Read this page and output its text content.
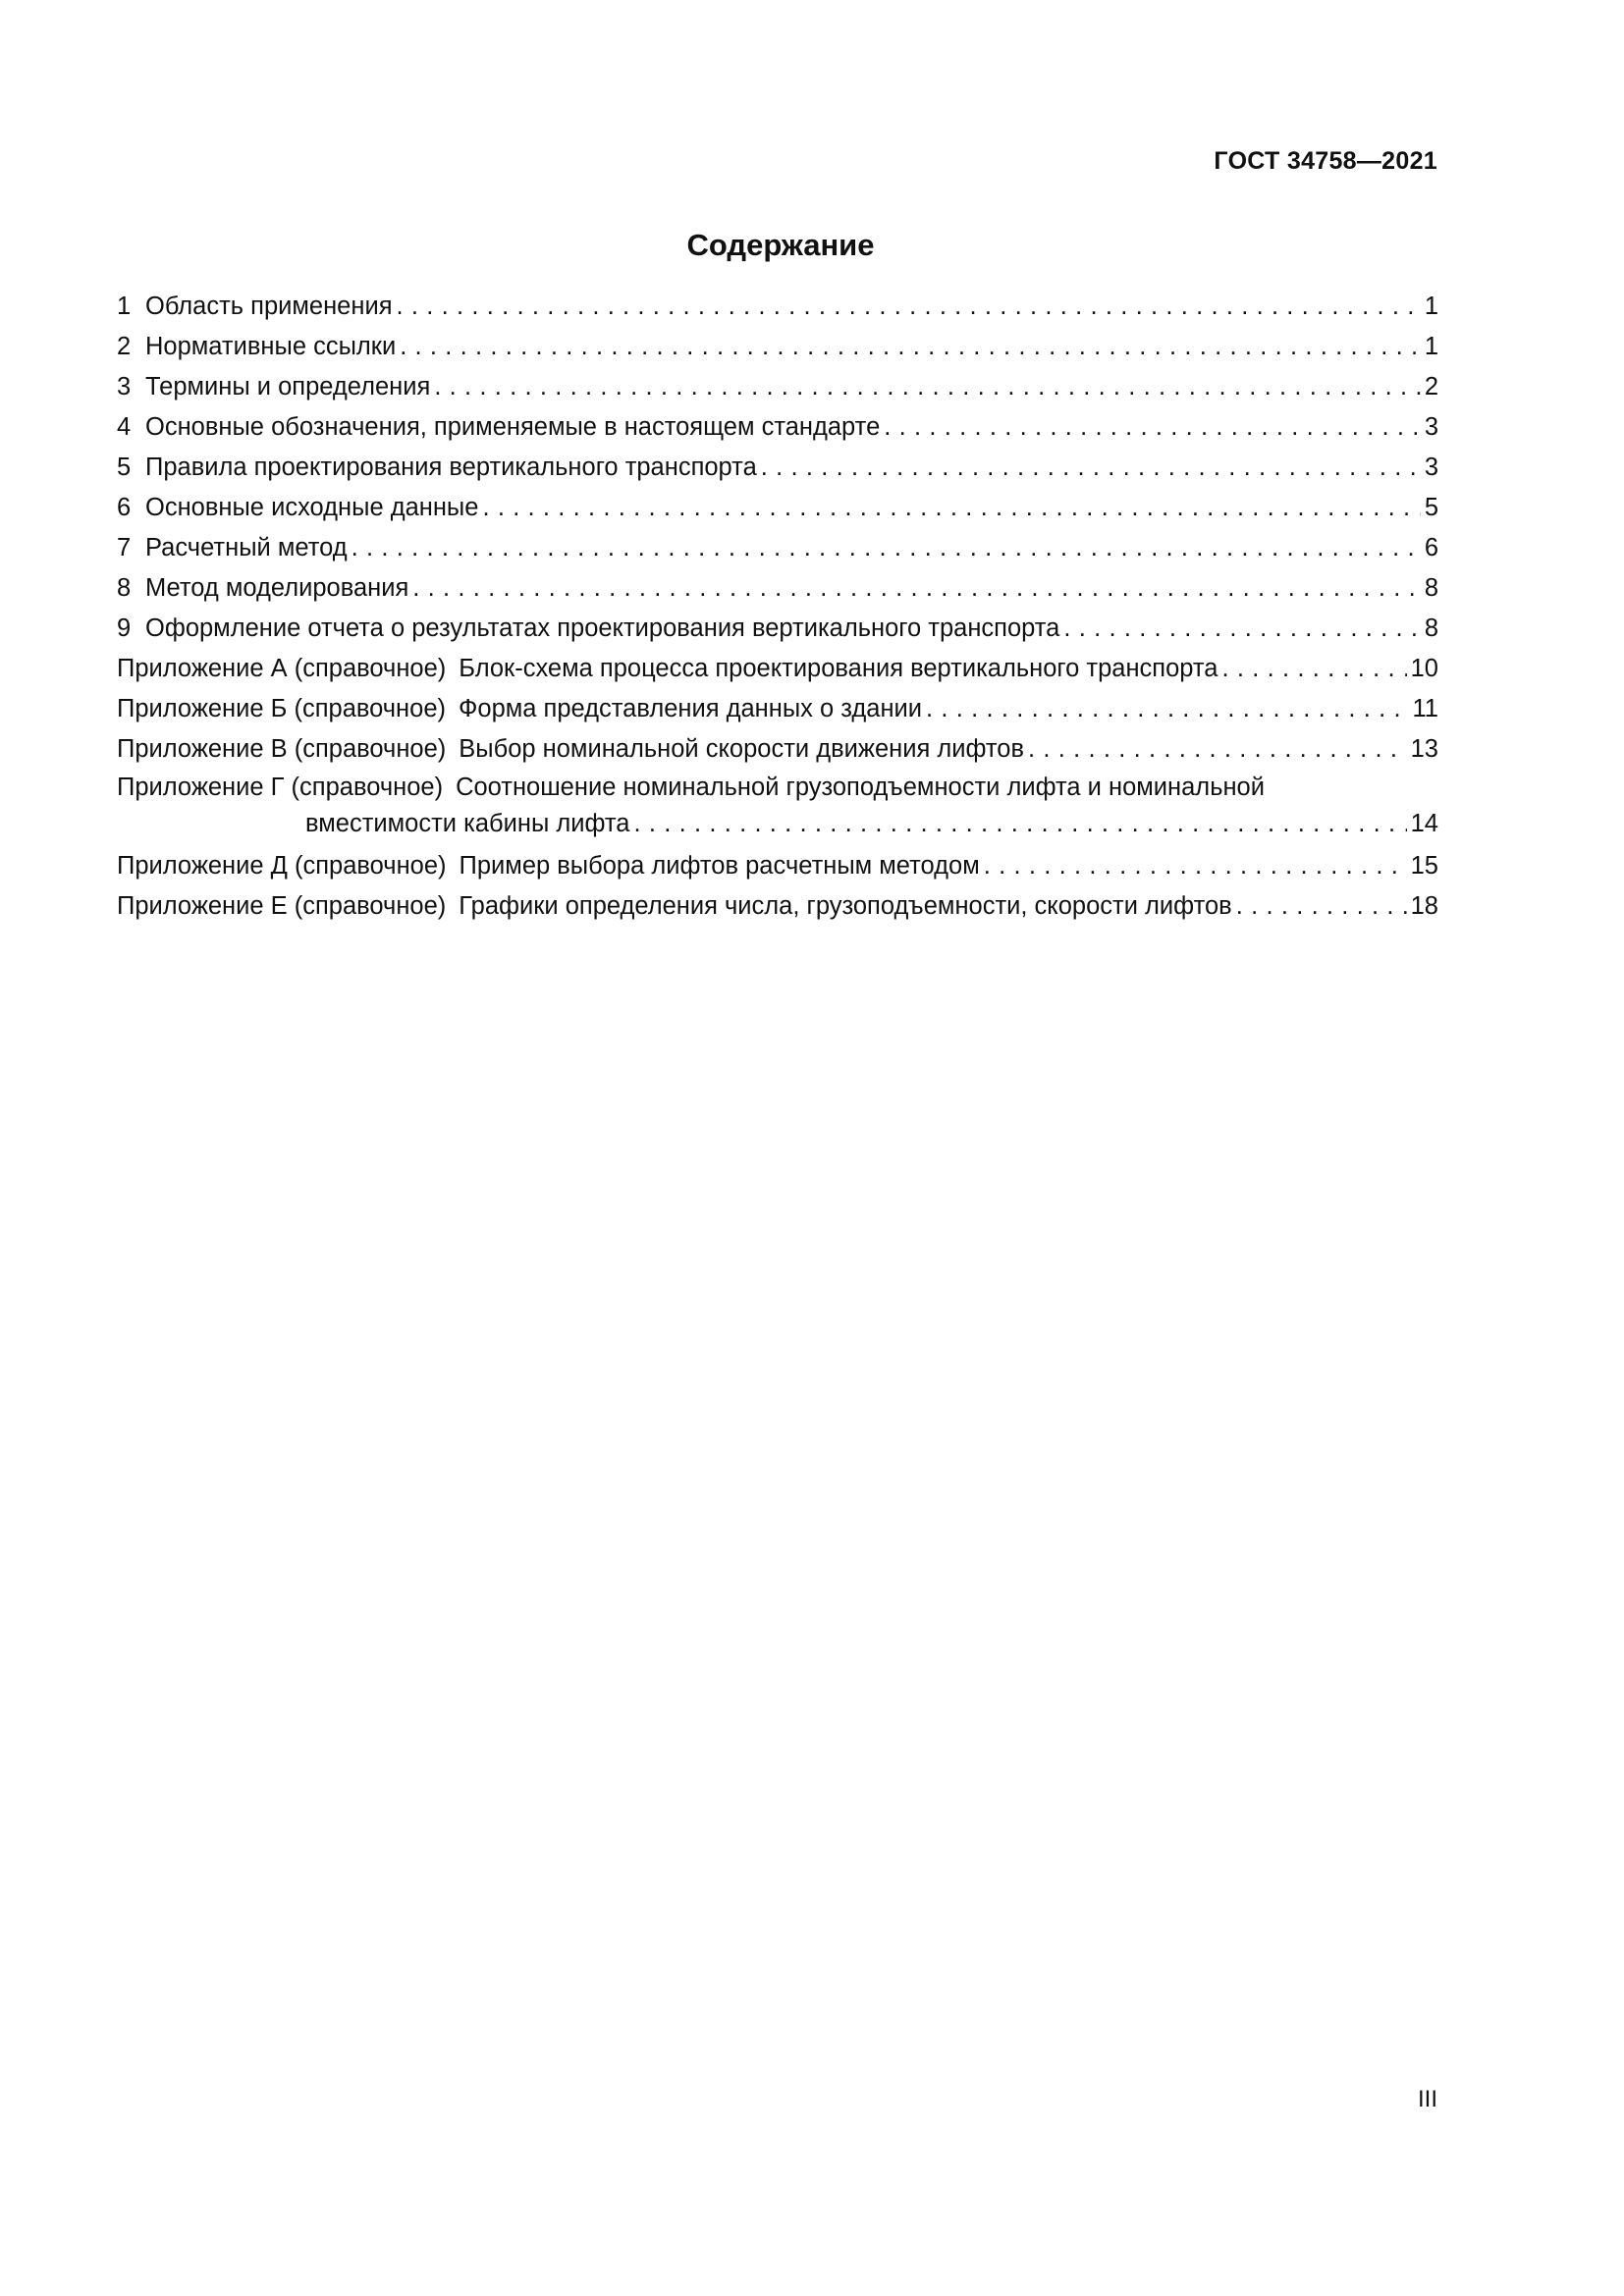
ГОСТ 34758—2021
Содержание
1 Область применения . . .	1
2 Нормативные ссылки . . .	1
3 Термины и определения . . .	2
4 Основные обозначения, применяемые в настоящем стандарте . . .	3
5 Правила проектирования вертикального транспорта . . .	3
6 Основные исходные данные . . .	5
7 Расчетный метод . . .	6
8 Метод моделирования . . .	8
9 Оформление отчета о результатах проектирования вертикального транспорта . . .	8
Приложение А (справочное) Блок-схема процесса проектирования вертикального транспорта . . .	10
Приложение Б (справочное) Форма представления данных о здании . . .	11
Приложение В (справочное) Выбор номинальной скорости движения лифтов . . .	13
Приложение Г (справочное) Соотношение номинальной грузоподъемности лифта и номинальной
вместимости кабины лифта . . .	14
Приложение Д (справочное) Пример выбора лифтов расчетным методом . . .	15
Приложение Е (справочное) Графики определения числа, грузоподъемности, скорости лифтов . . .	18
III
